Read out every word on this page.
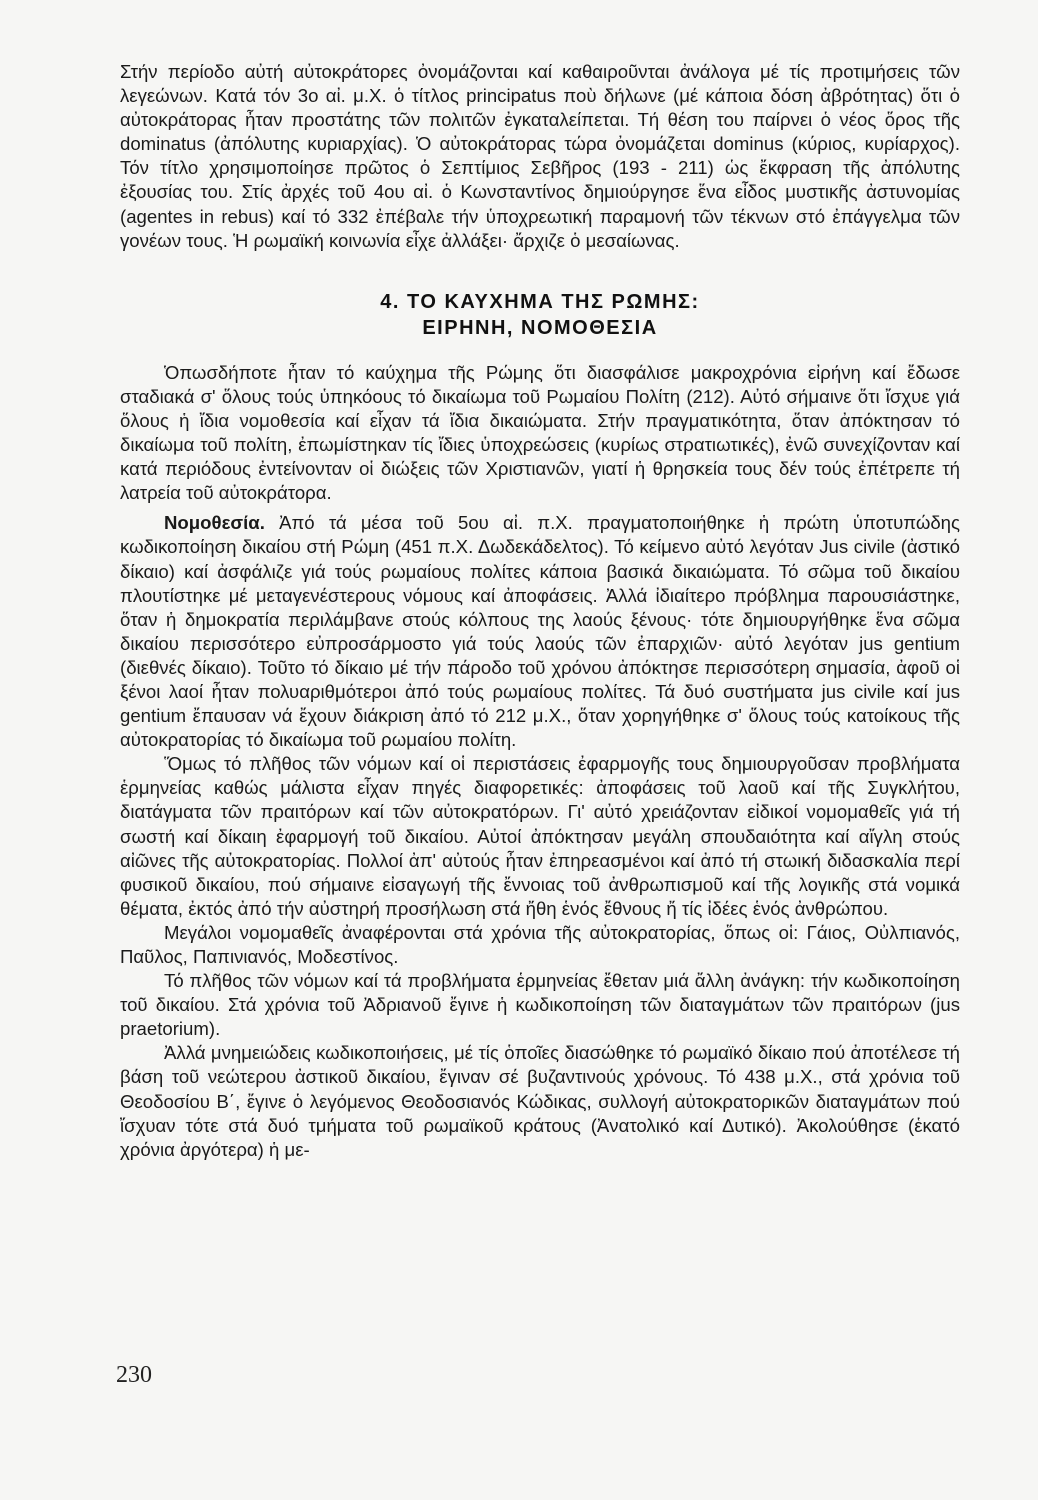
Στήν περίοδο αὐτή αὐτοκράτορες ὀνομάζονται καί καθαιροῦνται ἀνάλογα μέ τίς προτιμήσεις τῶν λεγεώνων. Κατά τόν 3ο αἰ. μ.Χ. ὁ τίτλος principatus ποὺ δήλωνε (μέ κάποια δόση ἀβρότητας) ὅτι ὁ αὐτοκράτορας ἦταν προστάτης τῶν πολιτῶν ἐγκαταλείπεται. Τή θέση του παίρνει ὁ νέος ὅρος τῆς dominatus (ἀπόλυτης κυριαρχίας). Ὁ αὐτοκράτορας τώρα ὀνομάζεται dominus (κύριος, κυρίαρχος). Τόν τίτλο χρησιμοποίησε πρῶτος ὁ Σεπτίμιος Σεβῆρος (193 - 211) ὡς ἔκφραση τῆς ἀπόλυτης ἐξουσίας του. Στίς ἀρχές τοῦ 4ου αἰ. ὁ Κωνσταντίνος δημιούργησε ἕνα εἶδος μυστικῆς ἀστυνομίας (agentes in rebus) καί τό 332 ἐπέβαλε τήν ὑποχρεωτική παραμονή τῶν τέκνων στό ἐπάγγελμα τῶν γονέων τους. Ἡ ρωμαϊκή κοινωνία εἶχε ἀλλάξει· ἄρχιζε ὁ μεσαίωνας.

4. ΤΟ ΚΑΥΧΗΜΑ ΤΗΣ ΡΩΜΗΣ:
ΕΙΡΗΝΗ, ΝΟΜΟΘΕΣΙΑ

Ὁπωσδήποτε ἦταν τό καύχημα τῆς Ρώμης ὅτι διασφάλισε μακροχρόνια εἰρήνη καί ἔδωσε σταδιακά σ' ὅλους τούς ὑπηκόους τό δικαίωμα τοῦ Ρωμαίου Πολίτη (212). Αὐτό σήμαινε ὅτι ἴσχυε γιά ὅλους ἡ ἴδια νομοθεσία καί εἶχαν τά ἴδια δικαιώματα. Στήν πραγματικότητα, ὅταν ἀπόκτησαν τό δικαίωμα τοῦ πολίτη, ἐπωμίστηκαν τίς ἴδιες ὑποχρεώσεις (κυρίως στρατιωτικές), ἐνῶ συνεχίζονταν καί κατά περιόδους ἐντείνονταν οἱ διώξεις τῶν Χριστιανῶν, γιατί ἡ θρησκεία τους δέν τούς ἐπέτρεπε τή λατρεία τοῦ αὐτοκράτορα.

Νομοθεσία. Ἀπό τά μέσα τοῦ 5ου αἰ. π.Χ. πραγματοποιήθηκε ἡ πρώτη ὑποτυπώδης κωδικοποίηση δικαίου στή Ρώμη (451 π.Χ. Δωδεκάδελτος). Τό κείμενο αὐτό λεγόταν Jus civile (ἀστικό δίκαιο) καί ἀσφάλιζε γιά τούς ρωμαίους πολίτες κάποια βασικά δικαιώματα. Τό σῶμα τοῦ δικαίου πλουτίστηκε μέ μεταγενέστερους νόμους καί ἀποφάσεις. Ἀλλά ἰδιαίτερο πρόβλημα παρουσιάστηκε, ὅταν ἡ δημοκρατία περιλάμβανε στούς κόλπους της λαούς ξένους· τότε δημιουργήθηκε ἕνα σῶμα δικαίου περισσότερο εὐπροσάρμοστο γιά τούς λαούς τῶν ἐπαρχιῶν· αὐτό λεγόταν jus gentium (διεθνές δίκαιο). Τοῦτο τό δίκαιο μέ τήν πάροδο τοῦ χρόνου ἀπόκτησε περισσότερη σημασία, ἀφοῦ οἱ ξένοι λαοί ἦταν πολυαριθμότεροι ἀπό τούς ρωμαίους πολίτες. Τά δυό συστήματα jus civile καί jus gentium ἔπαυσαν νά ἔχουν διάκριση ἀπό τό 212 μ.Χ., ὅταν χορηγήθηκε σ' ὅλους τούς κατοίκους τῆς αὐτοκρατορίας τό δικαίωμα τοῦ ρωμαίου πολίτη.

Ὅμως τό πλῆθος τῶν νόμων καί οἱ περιστάσεις ἐφαρμογῆς τους δημιουργοῦσαν προβλήματα ἑρμηνείας καθώς μάλιστα εἶχαν πηγές διαφορετικές: ἀποφάσεις τοῦ λαοῦ καί τῆς Συγκλήτου, διατάγματα τῶν πραιτόρων καί τῶν αὐτοκρατόρων. Γι' αὐτό χρειάζονταν εἰδικοί νομομαθεῖς γιά τή σωστή καί δίκαιη ἐφαρμογή τοῦ δικαίου. Αὐτοί ἀπόκτησαν μεγάλη σπουδαιότητα καί αἴγλη στούς αἰῶνες τῆς αὐτοκρατορίας. Πολλοί ἀπ' αὐτούς ἦταν ἐπηρεασμένοι καί ἀπό τή στωική διδασκαλία περί φυσικοῦ δικαίου, πού σήμαινε εἰσαγωγή τῆς ἔννοιας τοῦ ἀνθρωπισμοῦ καί τῆς λογικῆς στά νομικά θέματα, ἐκτός ἀπό τήν αὐστηρή προσήλωση στά ἤθη ἑνός ἔθνους ἤ τίς ἰδέες ἑνός ἀνθρώπου.

Μεγάλοι νομομαθεῖς ἀναφέρονται στά χρόνια τῆς αὐτοκρατορίας, ὅπως οἱ: Γάιος, Οὐλπιανός, Παῦλος, Παπινιανός, Μοδεστίνος.

Τό πλῆθος τῶν νόμων καί τά προβλήματα ἑρμηνείας ἔθεταν μιά ἄλλη ἀνάγκη: τήν κωδικοποίηση τοῦ δικαίου. Στά χρόνια τοῦ Ἀδριανοῦ ἔγινε ἡ κωδικοποίηση τῶν διαταγμάτων τῶν πραιτόρων (jus praetorium).

Ἀλλά μνημειώδεις κωδικοποιήσεις, μέ τίς ὁποῖες διασώθηκε τό ρωμαϊκό δίκαιο πού ἀποτέλεσε τή βάση τοῦ νεώτερου ἀστικοῦ δικαίου, ἔγιναν σέ βυζαντινούς χρόνους. Τό 438 μ.Χ., στά χρόνια τοῦ Θεοδοσίου Β΄, ἔγινε ὁ λεγόμενος Θεοδοσιανός Κώδικας, συλλογή αὐτοκρατορικῶν διαταγμάτων πού ἴσχυαν τότε στά δυό τμήματα τοῦ ρωμαϊκοῦ κράτους (Ἀνατολικό καί Δυτικό). Ἀκολούθησε (ἑκατό χρόνια ἀργότερα) ἡ με-

230
